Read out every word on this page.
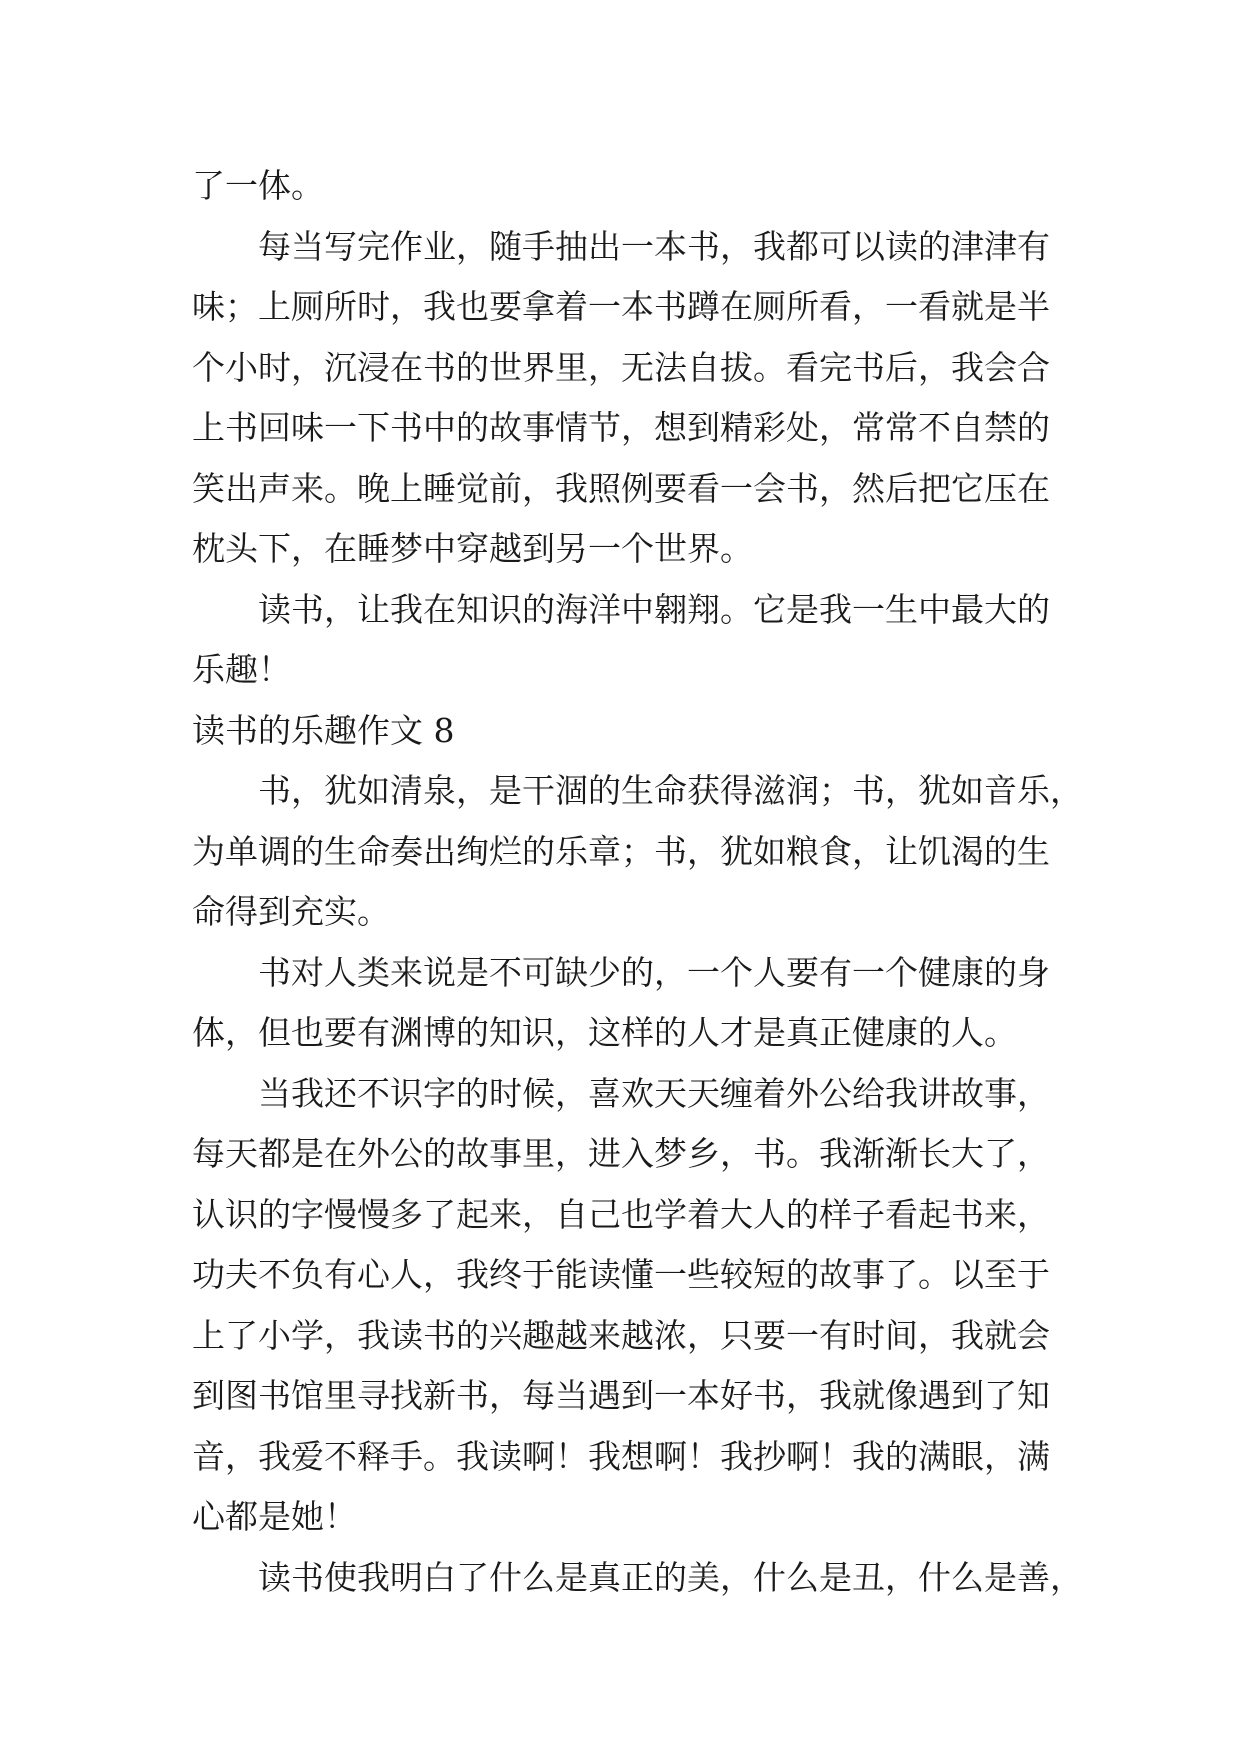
了一体。
每 当 写 完 作 业 ， 随 手 抽 出 一 本 书 ， 我 都 可 以 读 的 津 津 有
味 ； 上 厕 所 时 ， 我 也 要 拿 着 一 本 书 蹲 在 厕 所 看 ， 一 看 就 是 半
个 小 时 ， 沉 浸 在 书 的 世 界 里 ， 无 法 自 拔 。 看 完 书 后 ， 我 会 合
上 书 回 味 一 下 书 中 的 故 事 情 节 ， 想 到 精 彩 处 ， 常 常 不 自 禁 的
笑 出 声 来 。 晚 上 睡 觉 前 ， 我 照 例 要 看 一 会 书 ， 然 后 把 它 压 在
枕头下，在睡梦中穿越到另一个世界。
读 书 ， 让 我 在 知 识 的 海 洋 中 翱 翔 。 它 是 我 一 生 中 最 大 的
乐趣！
读书的乐趣作文 8
书 ， 犹 如 清 泉 ， 是 干 涸 的 生 命 获 得 滋 润 ； 书 ， 犹 如 音 乐 ，
为 单 调 的 生 命 奏 出 绚 烂 的 乐 章 ； 书 ， 犹 如 粮 食 ， 让 饥 渴 的 生
命得到充实。
书 对 人 类 来 说 是 不 可 缺 少 的 ， 一 个 人 要 有 一 个 健 康 的 身
体，但也要有渊博的知识，这样的人才是真正健康的人。
当 我 还 不 识 字 的 时 候 ， 喜 欢 天 天 缠 着 外 公 给 我 讲 故 事 ，
每 天 都 是 在 外 公 的 故 事 里 ， 进 入 梦 乡 ， 书 。 我 渐 渐 长 大 了 ，
认 识 的 字 慢 慢 多 了 起 来 ， 自 己 也 学 着 大 人 的 样 子 看 起 书 来 ，
功 夫 不 负 有 心 人 ， 我 终 于 能 读 懂 一 些 较 短 的 故 事 了 。 以 至 于
上 了 小 学 ， 我 读 书 的 兴 趣 越 来 越 浓 ， 只 要 一 有 时 间 ， 我 就 会
到 图 书 馆 里 寻 找 新 书 ， 每 当 遇 到 一 本 好 书 ， 我 就 像 遇 到 了 知
音 ， 我 爱 不 释 手 。 我 读 啊 ！ 我 想 啊 ！ 我 抄 啊 ！ 我 的 满 眼 ， 满
心都是她！
读 书 使 我 明 白 了 什 么 是 真 正 的 美 ， 什 么 是 丑 ， 什 么 是 善 ，
